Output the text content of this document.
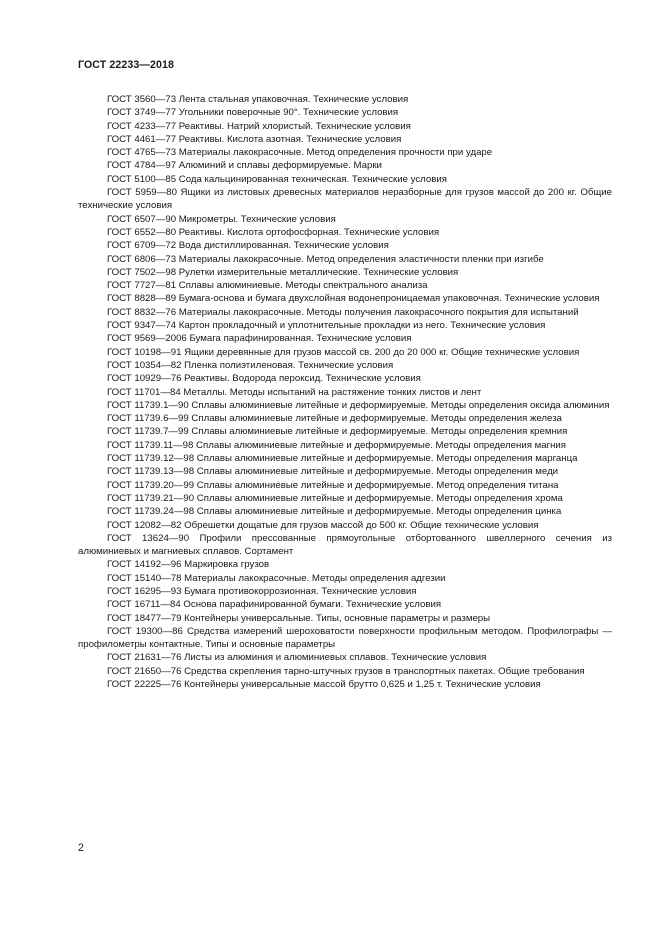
ГОСТ 22233—2018

ГОСТ 3560—73 Лента стальная упаковочная. Технические условия
ГОСТ 3749—77 Угольники поверочные 90°. Технические условия
ГОСТ 4233—77 Реактивы. Натрий хлористый. Технические условия
ГОСТ 4461—77 Реактивы. Кислота азотная. Технические условия
ГОСТ 4765—73 Материалы лакокрасочные. Метод определения прочности при ударе
ГОСТ 4784—97 Алюминий и сплавы деформируемые. Марки
ГОСТ 5100—85 Сода кальцинированная техническая. Технические условия
ГОСТ 5959—80 Ящики из листовых древесных материалов неразборные для грузов массой до 200 кг. Общие технические условия
ГОСТ 6507—90 Микрометры. Технические условия
ГОСТ 6552—80 Реактивы. Кислота ортофосфорная. Технические условия
ГОСТ 6709—72 Вода дистиллированная. Технические условия
ГОСТ 6806—73 Материалы лакокрасочные. Метод определения эластичности пленки при изгибе
ГОСТ 7502—98 Рулетки измерительные металлические. Технические условия
ГОСТ 7727—81 Сплавы алюминиевые. Методы спектрального анализа
ГОСТ 8828—89 Бумага-основа и бумага двухслойная водонепроницаемая упаковочная. Технические условия
ГОСТ 8832—76 Материалы лакокрасочные. Методы получения лакокрасочного покрытия для испытаний
ГОСТ 9347—74 Картон прокладочный и уплотнительные прокладки из него. Технические условия
ГОСТ 9569—2006 Бумага парафинированная. Технические условия
ГОСТ 10198—91 Ящики деревянные для грузов массой св. 200 до 20 000 кг. Общие технические условия
ГОСТ 10354—82 Пленка полиэтиленовая. Технические условия
ГОСТ 10929—76 Реактивы. Водорода пероксид. Технические условия
ГОСТ 11701—84 Металлы. Методы испытаний на растяжение тонких листов и лент
ГОСТ 11739.1—90 Сплавы алюминиевые литейные и деформируемые. Методы определения оксида алюминия
ГОСТ 11739.6—99 Сплавы алюминиевые литейные и деформируемые. Методы определения железа
ГОСТ 11739.7—99 Сплавы алюминиевые литейные и деформируемые. Методы определения кремния
ГОСТ 11739.11—98 Сплавы алюминиевые литейные и деформируемые. Методы определения магния
ГОСТ 11739.12—98 Сплавы алюминиевые литейные и деформируемые. Методы определения марганца
ГОСТ 11739.13—98 Сплавы алюминиевые литейные и деформируемые. Методы определения меди
ГОСТ 11739.20—99 Сплавы алюминиевые литейные и деформируемые. Метод определения титана
ГОСТ 11739.21—90 Сплавы алюминиевые литейные и деформируемые. Методы определения хрома
ГОСТ 11739.24—98 Сплавы алюминиевые литейные и деформируемые. Методы определения цинка
ГОСТ 12082—82 Обрешетки дощатые для грузов массой до 500 кг. Общие технические условия
ГОСТ 13624—90 Профили прессованные прямоугольные отбортованного швеллерного сечения из алюминиевых и магниевых сплавов. Сортамент
ГОСТ 14192—96 Маркировка грузов
ГОСТ 15140—78 Материалы лакокрасочные. Методы определения адгезии
ГОСТ 16295—93 Бумага противокоррозионная. Технические условия
ГОСТ 16711—84 Основа парафинированной бумаги. Технические условия
ГОСТ 18477—79 Контейнеры универсальные. Типы, основные параметры и размеры
ГОСТ 19300—86 Средства измерений шероховатости поверхности профильным методом. Профилографы — профилометры контактные. Типы и основные параметры
ГОСТ 21631—76 Листы из алюминия и алюминиевых сплавов. Технические условия
ГОСТ 21650—76 Средства скрепления тарно-штучных грузов в транспортных пакетах. Общие требования
ГОСТ 22225—76 Контейнеры универсальные массой брутто 0,625 и 1,25 т. Технические условия

2
